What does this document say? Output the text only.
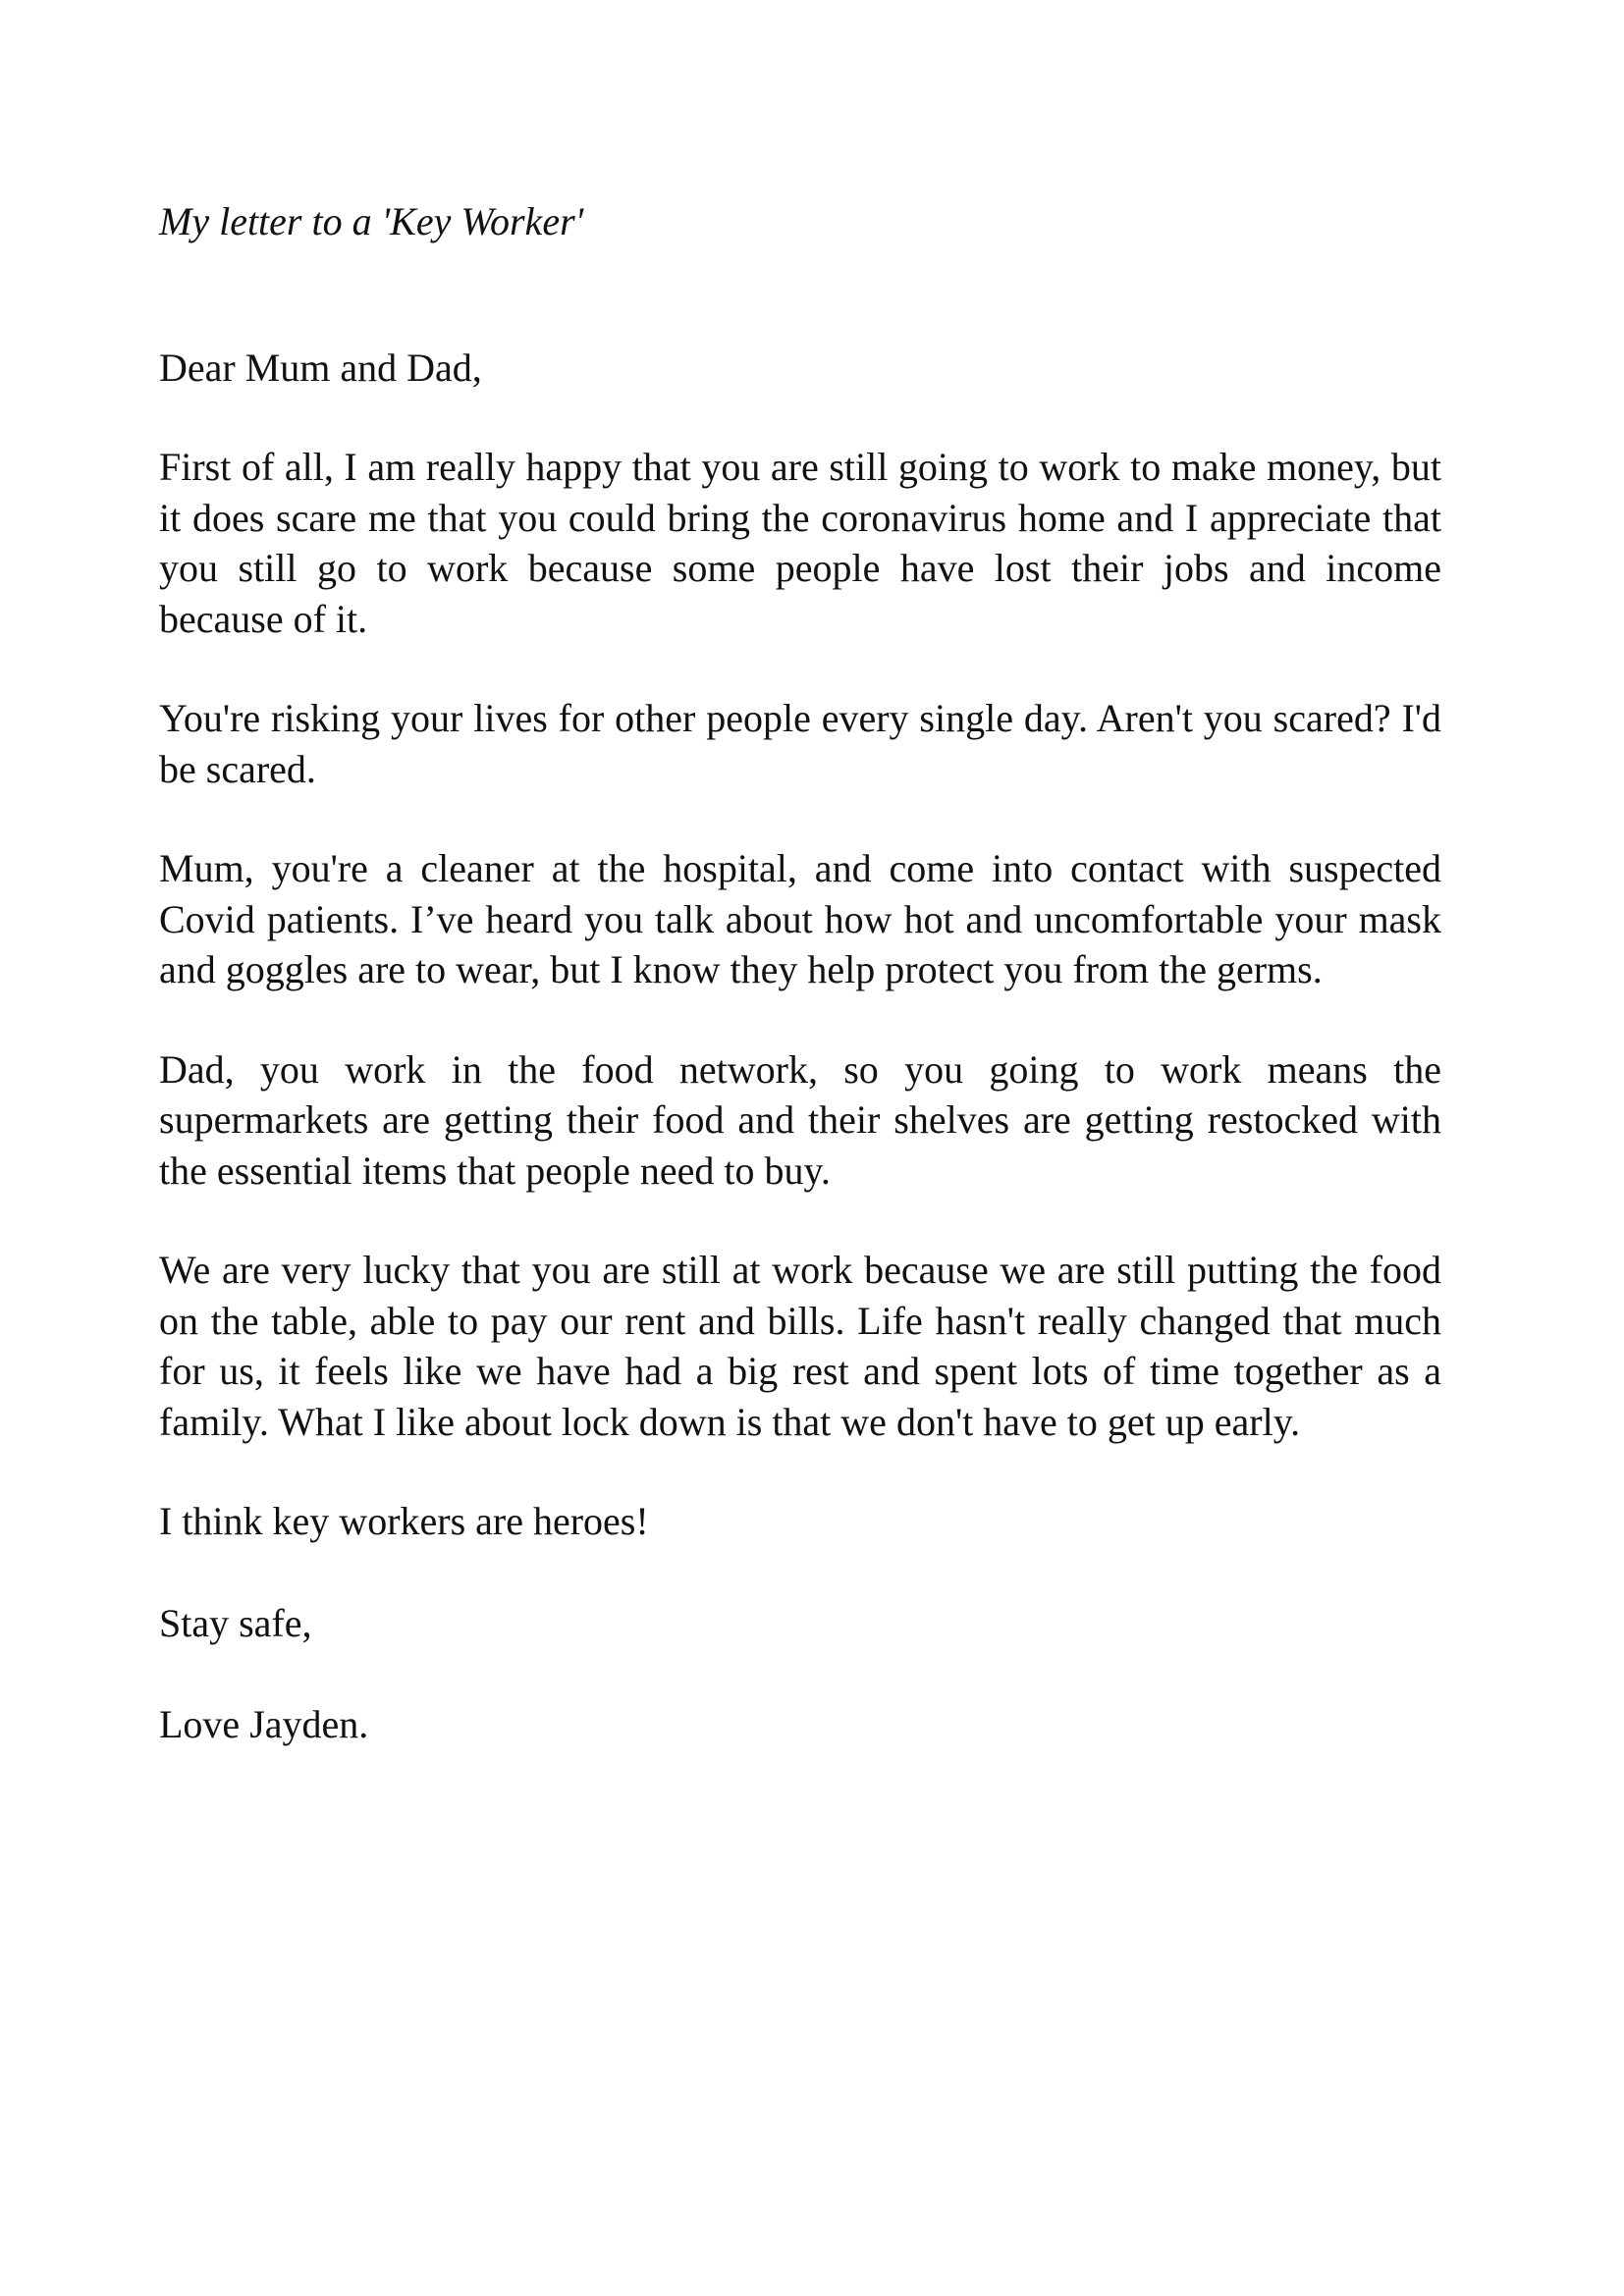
My letter to a 'Key Worker'

Dear Mum and Dad,

First of all, I am really happy that you are still going to work to make money, but it does scare me that you could bring the coronavirus home and I appreciate that you still go to work because some people have lost their jobs and income because of it.

You're risking your lives for other people every single day. Aren't you scared? I'd be scared.

Mum, you're a cleaner at the hospital, and come into contact with suspected Covid patients. I’ve heard you talk about how hot and uncomfortable your mask and goggles are to wear, but I know they help protect you from the germs.

Dad, you work in the food network, so you going to work means the supermarkets are getting their food and their shelves are getting restocked with the essential items that people need to buy.

We are very lucky that you are still at work because we are still putting the food on the table, able to pay our rent and bills. Life hasn't really changed that much for us, it feels like we have had a big rest and spent lots of time together as a family. What I like about lock down is that we don't have to get up early.

I think key workers are heroes!

Stay safe,

Love Jayden.
